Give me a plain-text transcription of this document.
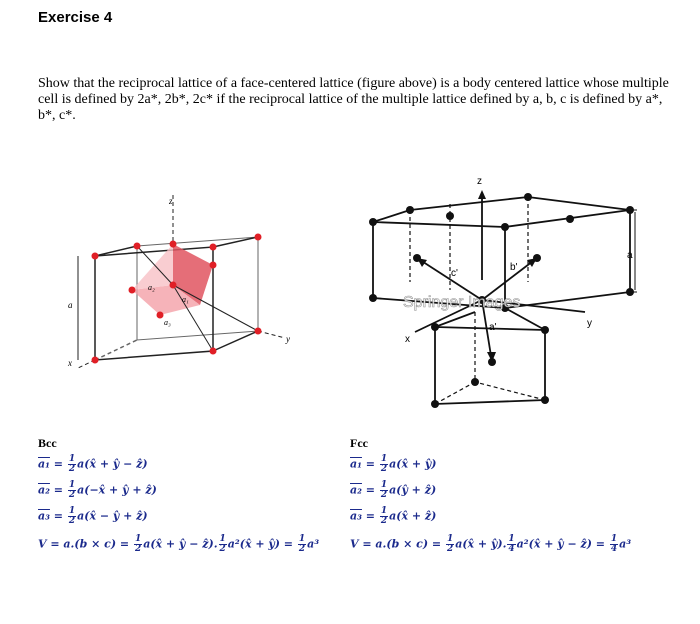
Exercise 4
Show that the reciprocal lattice of a face-centered lattice (figure above) is a body centered lattice whose multiple cell is defined by 2a*, 2b*, 2c* if the reciprocal lattice of the multiple lattice defined by a, b, c is defined by a*, b*, c*.
z
a
x
y
a₂
a₁
a₃
z
c'
b'
a
a'
x
y
Springer Images
Bcc	Fcc
$a_1 = \frac{1}{2}$ a(x̂ + ŷ − ẑ)
$a_2 = \frac{1}{2}$ a(−x̂ + ŷ + ẑ)
$a_3 = \frac{1}{2}$ a(x̂ − ŷ + ẑ)
$V = a.(b \times c) = \frac{1}{2}$ a(x̂ + ŷ − ẑ). $\frac{1}{2}$ a²(x̂ + ŷ) = $\frac{1}{2} a^3$
$a_1 = \frac{1}{2}$ a(x̂ + ŷ)
$a_2 = \frac{1}{2}$ a(ŷ + ẑ)
$a_3 = \frac{1}{2}$ a(x̂ + ẑ)
$V = a.(b \times c) = \frac{1}{2}$ a(x̂ + ŷ). $\frac{1}{4}$ a²(x̂ + ŷ − ẑ) = $\frac{1}{4} a^3$
